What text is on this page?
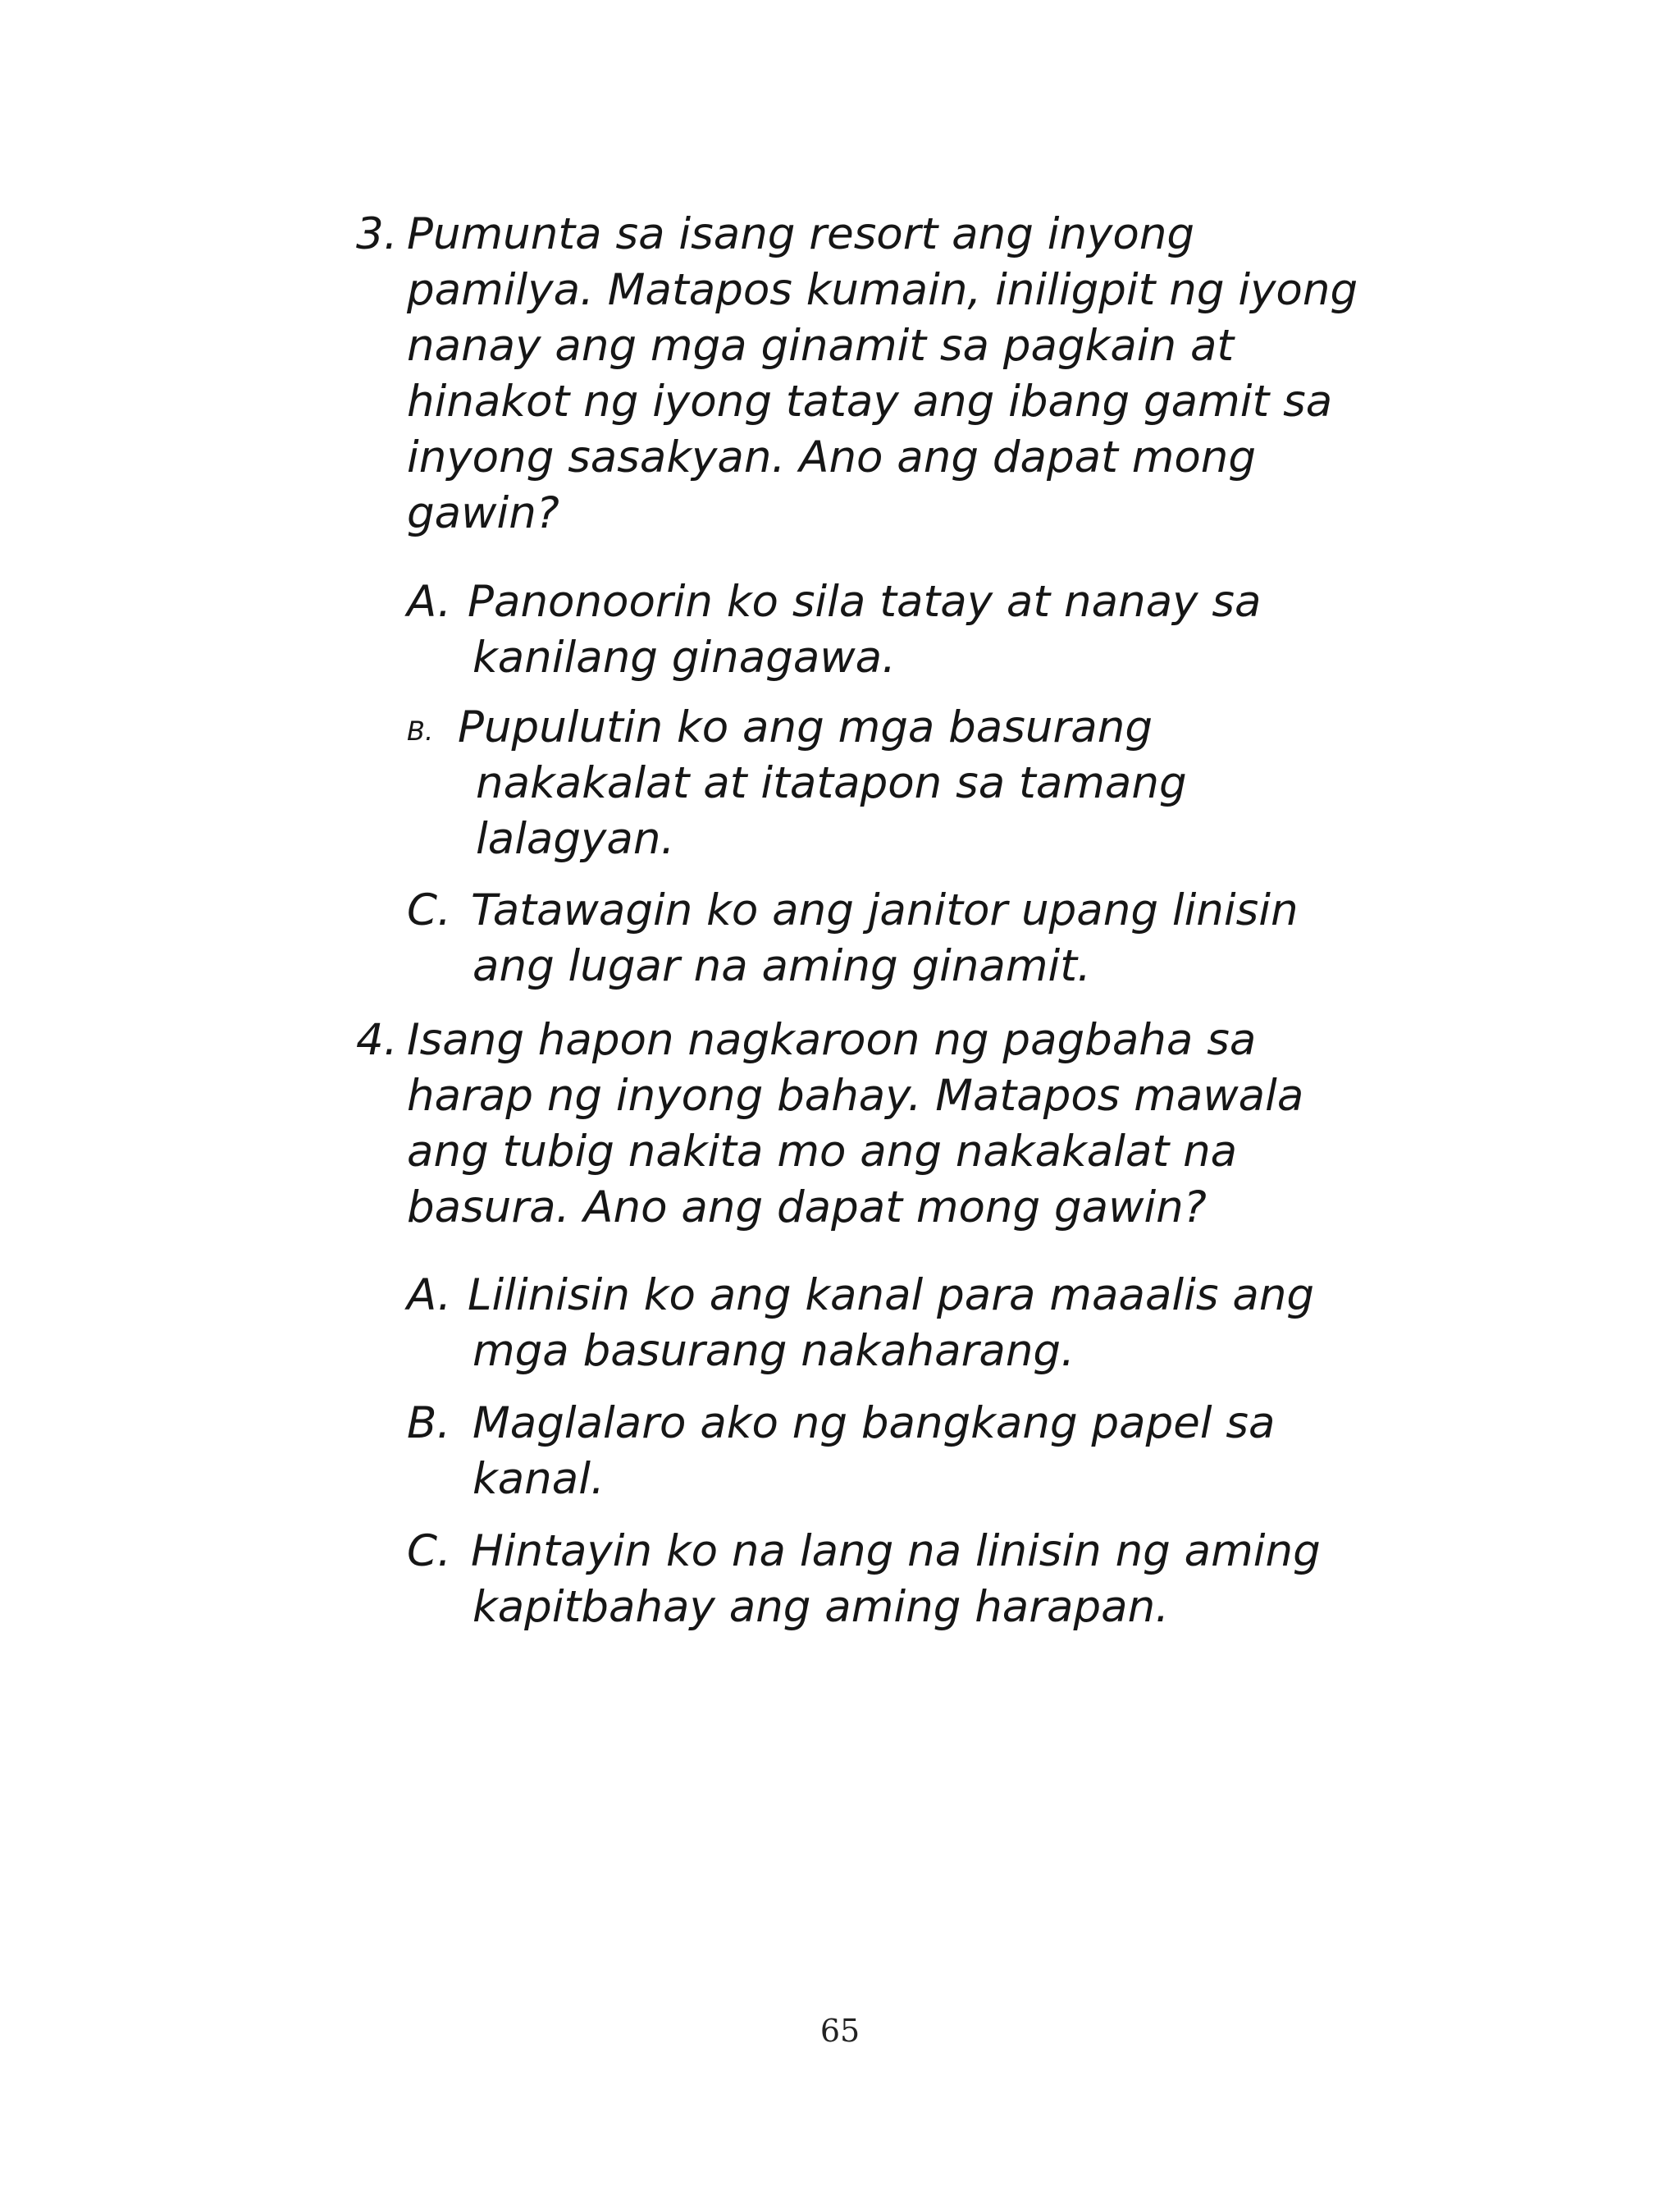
3. Pumunta sa isang resort ang inyong
pamilya. Matapos kumain, iniligpit ng iyong
nanay ang mga ginamit sa pagkain at
hinakot ng iyong tatay ang ibang gamit sa
inyong sasakyan. Ano ang dapat mong
gawin?
A. Panonoorin ko sila tatay at nanay sa
kanilang ginagawa.
B. Pupulutin ko ang mga basurang
nakakalat at itatapon sa tamang
lalagyan.
C. Tatawagin ko ang janitor upang linisin
ang lugar na aming ginamit.
4. Isang hapon nagkaroon ng pagbaha sa
harap ng inyong bahay. Matapos mawala
ang tubig nakita mo ang nakakalat na
basura. Ano ang dapat mong gawin?
A. Lilinisin ko ang kanal para maaalis ang
mga basurang nakaharang.
B. Maglalaro ako ng bangkang papel sa
kanal.
C. Hintayin ko na lang na linisin ng aming
kapitbahay ang aming harapan.
65
